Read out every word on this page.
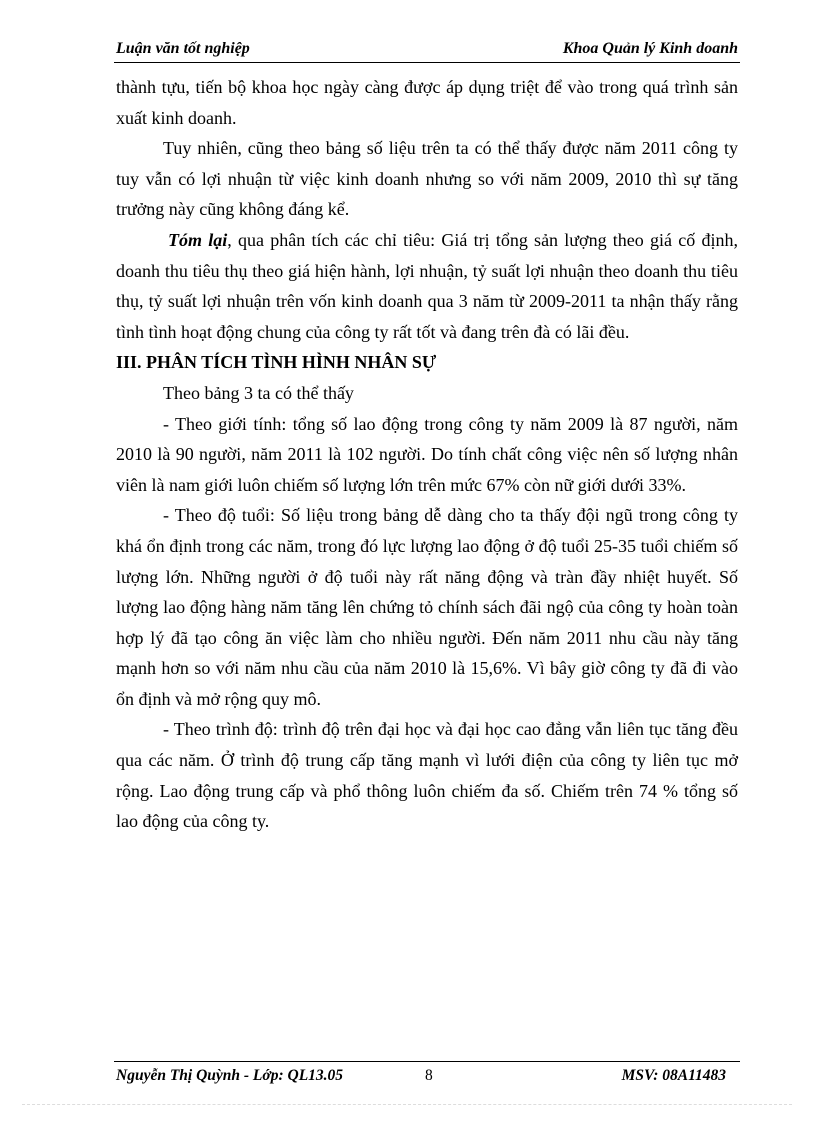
Luận văn tốt nghiệp	Khoa Quản lý Kinh doanh

thành tựu, tiến bộ khoa học ngày càng được áp dụng triệt để vào trong quá trình sản xuất kinh doanh.

Tuy nhiên, cũng theo bảng số liệu trên ta có thể thấy được năm 2011 công ty tuy vẫn có lợi nhuận từ việc kinh doanh nhưng so với năm 2009, 2010 thì sự tăng trưởng này cũng không đáng kể.

Tóm lại, qua phân tích các chỉ tiêu: Giá trị tổng sản lượng theo giá cố định, doanh thu tiêu thụ theo giá hiện hành, lợi nhuận, tỷ suất lợi nhuận theo doanh thu tiêu thụ, tỷ suất lợi nhuận trên vốn kinh doanh qua 3 năm từ 2009-2011 ta nhận thấy rằng tình tình hoạt động chung của công ty rất tốt và đang trên đà có lãi đều.

III. PHÂN TÍCH TÌNH HÌNH NHÂN SỰ

Theo bảng 3 ta có thể thấy

- Theo giới tính: tổng số lao động trong công ty năm 2009 là 87 người, năm 2010 là 90 người, năm 2011 là 102 người. Do tính chất công việc nên số lượng nhân viên là nam giới luôn chiếm số lượng lớn trên mức 67% còn nữ giới dưới 33%.

- Theo độ tuổi: Số liệu trong bảng dễ dàng cho ta thấy đội ngũ trong công ty khá ổn định trong các năm, trong đó lực lượng lao động ở độ tuổi 25-35 tuổi chiếm số lượng lớn. Những người ở độ tuổi này rất năng động và tràn đầy nhiệt huyết. Số lượng lao động hàng năm tăng lên chứng tỏ chính sách đãi ngộ của công ty hoàn toàn hợp lý đã tạo công ăn việc làm cho nhiều người. Đến năm 2011 nhu cầu này tăng mạnh hơn so với năm nhu cầu của năm 2010 là 15,6%. Vì bây giờ công ty đã đi vào ổn định và mở rộng quy mô.

- Theo trình độ: trình độ trên đại học và đại học cao đẳng vẫn liên tục tăng đều qua các năm. Ở trình độ trung cấp tăng mạnh vì lưới điện của công ty liên tục mở rộng. Lao động trung cấp và phổ thông luôn chiếm đa số. Chiếm trên 74 % tổng số lao động của công ty.

Nguyễn Thị Quỳnh - Lớp: QL13.05	8	MSV: 08A11483
